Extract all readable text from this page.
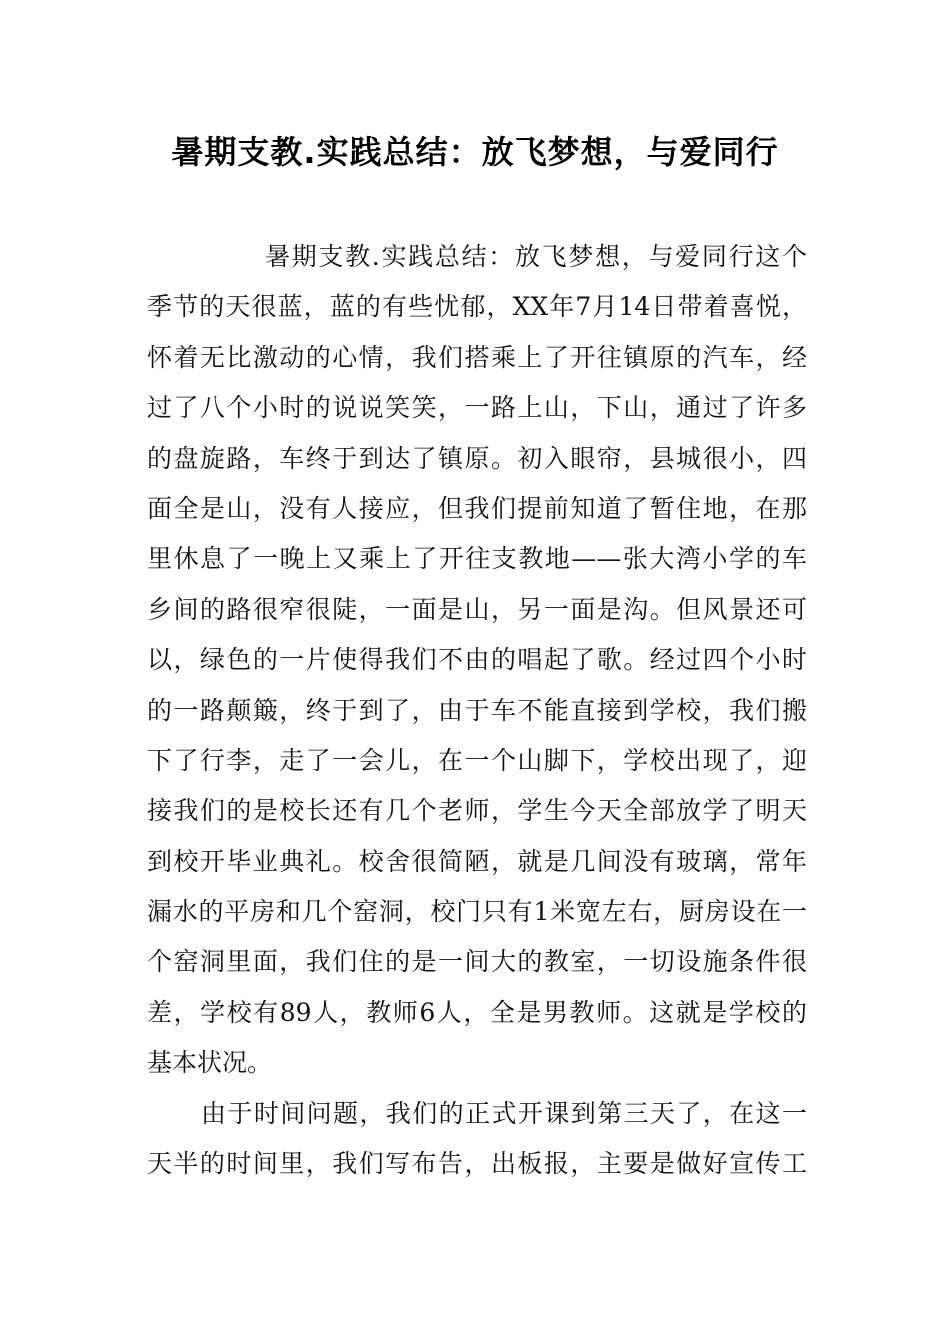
暑期支教.实践总结：放飞梦想，与爱同行
暑期支教.实践总结：放飞梦想，与爱同行这个
季节的天很蓝，蓝的有些忧郁，XX年7月14日带着喜悦，
怀着无比激动的心情，我们搭乘上了开往镇原的汽车，经
过了八个小时的说说笑笑，一路上山，下山，通过了许多
的盘旋路，车终于到达了镇原。初入眼帘，县城很小，四
面全是山，没有人接应，但我们提前知道了暂住地，在那
里休息了一晚上又乘上了开往支教地——张大湾小学的车
乡间的路很窄很陡，一面是山，另一面是沟。但风景还可
以，绿色的一片使得我们不由的唱起了歌。经过四个小时
的一路颠簸，终于到了，由于车不能直接到学校，我们搬
下了行李，走了一会儿，在一个山脚下，学校出现了，迎
接我们的是校长还有几个老师，学生今天全部放学了明天
到校开毕业典礼。校舍很简陋，就是几间没有玻璃，常年
漏水的平房和几个窑洞，校门只有1米宽左右，厨房设在一
个窑洞里面，我们住的是一间大的教室，一切设施条件很
差，学校有89人，教师6人，全是男教师。这就是学校的
基本状况。
由于时间问题，我们的正式开课到第三天了，在这一
天半的时间里，我们写布告，出板报，主要是做好宣传工
